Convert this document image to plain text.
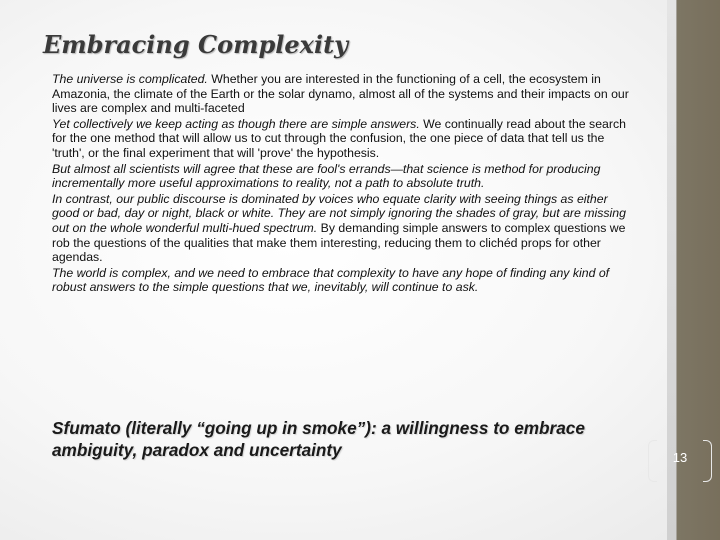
Embracing Complexity

The universe is complicated. Whether you are interested in the functioning of a cell, the ecosystem in Amazonia, the climate of the Earth or the solar dynamo, almost all of the systems and their impacts on our lives are complex and multi-faceted

Yet collectively we keep acting as though there are simple answers. We continually read about the search for the one method that will allow us to cut through the confusion, the one piece of data that tell us the 'truth', or the final experiment that will 'prove' the hypothesis.

But almost all scientists will agree that these are fool's errands—that science is method for producing incrementally more useful approximations to reality, not a path to absolute truth.

In contrast, our public discourse is dominated by voices who equate clarity with seeing things as either good or bad, day or night, black or white. They are not simply ignoring the shades of gray, but are missing out on the whole wonderful multi-hued spectrum. By demanding simple answers to complex questions we rob the questions of the qualities that make them interesting, reducing them to clichéd props for other agendas.

The world is complex, and we need to embrace that complexity to have any hope of finding any kind of robust answers to the simple questions that we, inevitably, will continue to ask.

Sfumato (literally “going up in smoke”): a willingness to embrace ambiguity, paradox and uncertainty	13
